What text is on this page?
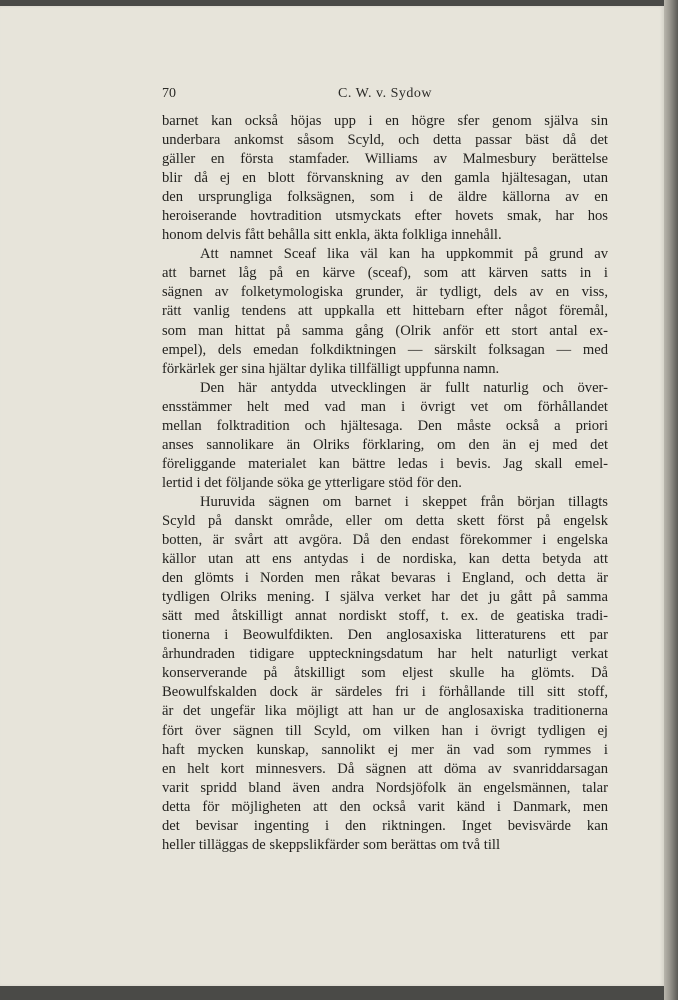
70	C. W. v. Sydow
barnet kan också höjas upp i en högre sfer genom själva sin
underbara ankomst såsom Scyld, och detta passar bäst då det
gäller en första stamfader. Williams av Malmesbury berättelse
blir då ej en blott förvanskning av den gamla hjältesagan, utan
den ursprungliga folksägnen, som i de äldre källorna av en
heroiserande hovtradition utsmyckats efter hovets smak, har hos
honom delvis fått behålla sitt enkla, äkta folkliga innehåll.
Att namnet Sceaf lika väl kan ha uppkommit på grund av
att barnet låg på en kärve (sceaf), som att kärven satts in i
sägnen av folketymologiska grunder, är tydligt, dels av en viss,
rätt vanlig tendens att uppkalla ett hittebarn efter något föremål,
som man hittat på samma gång (Olrik anför ett stort antal ex-
empel), dels emedan folkdiktningen — särskilt folksagan — med
förkärlek ger sina hjältar dylika tillfälligt uppfunna namn.
Den här antydda utvecklingen är fullt naturlig och över-
ensstämmer helt med vad man i övrigt vet om förhållandet
mellan folktradition och hjältesaga. Den måste också a priori
anses sannolikare än Olriks förklaring, om den än ej med det
föreliggande materialet kan bättre ledas i bevis. Jag skall emel-
lertid i det följande söka ge ytterligare stöd för den.
Huruvida sägnen om barnet i skeppet från början tillagts
Scyld på danskt område, eller om detta skett först på engelsk
botten, är svårt att avgöra. Då den endast förekommer i engelska
källor utan att ens antydas i de nordiska, kan detta betyda att
den glömts i Norden men råkat bevaras i England, och detta är
tydligen Olriks mening. I själva verket har det ju gått på samma
sätt med åtskilligt annat nordiskt stoff, t. ex. de geatiska tradi-
tionerna i Beowulfdikten. Den anglosaxiska litteraturens ett par
århundraden tidigare uppteckningsdatum har helt naturligt verkat
konserverande på åtskilligt som eljest skulle ha glömts. Då
Beowulfskalden dock är särdeles fri i förhållande till sitt stoff,
är det ungefär lika möjligt att han ur de anglosaxiska traditionerna
fört över sägnen till Scyld, om vilken han i övrigt tydligen ej
haft mycken kunskap, sannolikt ej mer än vad som rymmes i
en helt kort minnesvers. Då sägnen att döma av svanriddarsagan
varit spridd bland även andra Nordsjöfolk än engelsmännen, talar
detta för möjligheten att den också varit känd i Danmark, men
det bevisar ingenting i den riktningen. Inget bevisvärde kan
heller tilläggas de skeppslikfärder som berättas om två till
